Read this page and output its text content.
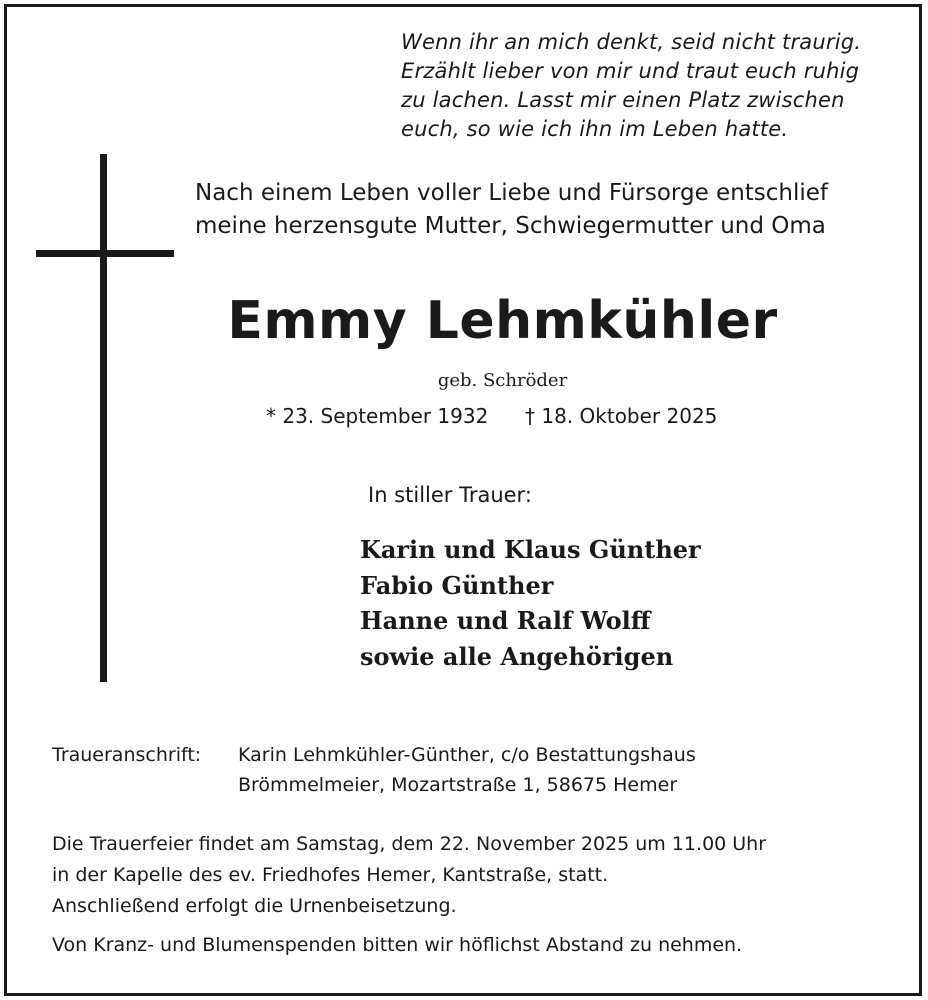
Wenn ihr an mich denkt, seid nicht traurig.
Erzählt lieber von mir und traut euch ruhig
zu lachen. Lasst mir einen Platz zwischen
euch, so wie ich ihn im Leben hatte.
Nach einem Leben voller Liebe und Fürsorge entschlief
meine herzensgute Mutter, Schwiegermutter und Oma
Emmy Lehmkühler
geb. Schröder
* 23. September 1932 † 18. Oktober 2025
In stiller Trauer:
Karin und Klaus Günther
Fabio Günther
Hanne und Ralf Wolff
sowie alle Angehörigen
Traueranschrift: Karin Lehmkühler-Günther, c/o Bestattungshaus
Brömmelmeier, Mozartstraße 1, 58675 Hemer
Die Trauerfeier findet am Samstag, dem 22. November 2025 um 11.00 Uhr
in der Kapelle des ev. Friedhofes Hemer, Kantstraße, statt.
Anschließend erfolgt die Urnenbeisetzung.
Von Kranz- und Blumenspenden bitten wir höflichst Abstand zu nehmen.
